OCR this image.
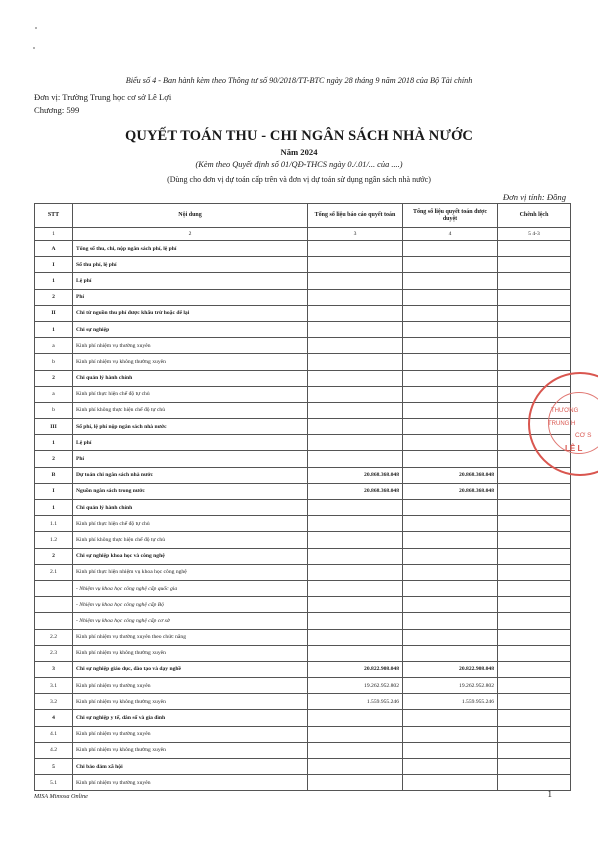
Biểu số 4 - Ban hành kèm theo Thông tư số 90/2018/TT-BTC ngày 28 tháng 9 năm 2018 của Bộ Tài chính
Đơn vị: Trường Trung học cơ sở Lê Lợi
Chương: 599
QUYẾT TOÁN THU - CHI NGÂN SÁCH NHÀ NƯỚC
Năm 2024
(Kèm theo Quyết định số 01/QĐ-THCS ngày 0./.01/... của ....)
(Dùng cho đơn vị dự toán cấp trên và đơn vị dự toán sử dụng ngân sách nhà nước)
Đơn vị tính: Đồng
STT	Nội dung	Tổng số liệu báo cáo quyết toán	Tổng số liệu quyết toán được duyệt	Chênh lệch
1	2	3	4	5 4-3
A	Tổng số thu, chi, nộp ngân sách phí, lệ phí			
I	Số thu phí, lệ phí			
1	Lệ phí			
2	Phí			
II	Chi từ nguồn thu phí được khấu trừ hoặc để lại			
1	Chi sự nghiệp			
a	Kinh phí nhiệm vụ thường xuyên			
b	Kinh phí nhiệm vụ không thường xuyên			
2	Chi quản lý hành chính			
a	Kinh phí thực hiện chế độ tự chủ			
b	Kinh phí không thực hiện chế độ tự chủ			
III	Số phí, lệ phí nộp ngân sách nhà nước			
1	Lệ phí			
2	Phí			
B	Dự toán chi ngân sách nhà nước	20.868.368.048	20.868.368.048	
I	Nguồn ngân sách trong nước	20.868.368.048	20.868.368.048	
1	Chi quản lý hành chính			
1.1	Kinh phí thực hiện chế độ tự chủ			
1.2	Kinh phí không thực hiện chế độ tự chủ			
2	Chi sự nghiệp khoa học và công nghệ			
2.1	Kinh phí thực hiện nhiệm vụ khoa học công nghệ			
	- Nhiệm vụ khoa học công nghệ cấp quốc gia			
	- Nhiệm vụ khoa học công nghệ cấp Bộ			
	- Nhiệm vụ khoa học công nghệ cấp cơ sở			
2.2	Kinh phí nhiệm vụ thường xuyên theo chức năng			
2.3	Kinh phí nhiệm vụ không thường xuyên			
3	Chi sự nghiệp giáo dục, đào tạo và dạy nghề	20.822.908.048	20.822.908.048	
3.1	Kinh phí nhiệm vụ thường xuyên	19.262.952.802	19.262.952.802	
3.2	Kinh phí nhiệm vụ không thường xuyên	1.559.955.246	1.559.955.246	
4	Chi sự nghiệp y tế, dân số và gia đình			
4.1	Kinh phí nhiệm vụ thường xuyên			
4.2	Kinh phí nhiệm vụ không thường xuyên			
5	Chi bảo đảm xã hội			
5.1	Kinh phí nhiệm vụ thường xuyên			
THƯƠNG
TRUNG H
CƠ S
LÊ L
MISA Mimosa Online	1
